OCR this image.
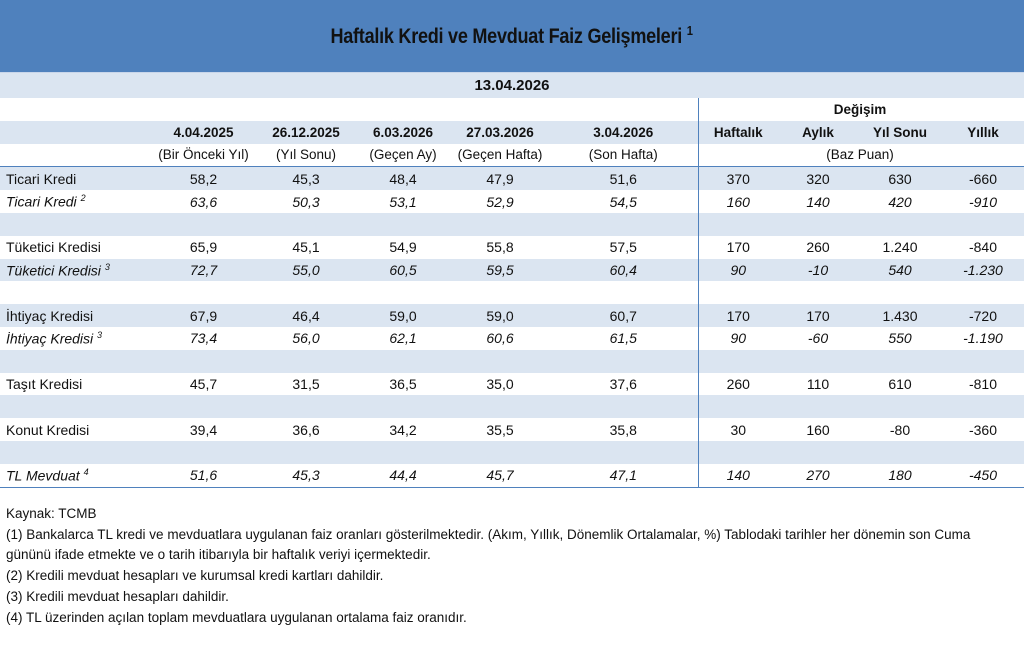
Haftalık Kredi ve Mevduat Faiz Gelişmeleri $^1$
13.04.2026
							Değişim		
	4.04.2025	26.12.2025	6.03.2026	27.03.2026	3.04.2026	Haftalık	Aylık	Yıl Sonu	Yıllık
	(Bir Önceki Yıl)	(Yıl Sonu)	(Geçen Ay)	(Geçen Hafta)	(Son Hafta)		(Baz Puan)		
Ticari Kredi	58,2	45,3	48,4	47,9	51,6	370	320	630	-660
Ticari Kredi $^2$	63,6	50,3	53,1	52,9	54,5	160	140	420	-910

Tüketici Kredisi	65,9	45,1	54,9	55,8	57,5	170	260	1.240	-840
Tüketici Kredisi $^3$	72,7	55,0	60,5	59,5	60,4	90	-10	540	-1.230

İhtiyaç Kredisi	67,9	46,4	59,0	59,0	60,7	170	170	1.430	-720
İhtiyaç Kredisi $^3$	73,4	56,0	62,1	60,6	61,5	90	-60	550	-1.190

Taşıt Kredisi	45,7	31,5	36,5	35,0	37,6	260	110	610	-810

Konut Kredisi	39,4	36,6	34,2	35,5	35,8	30	160	-80	-360

TL Mevduat $^4$	51,6	45,3	44,4	45,7	47,1	140	270	180	-450
Kaynak: TCMB
(1) Bankalarca TL kredi ve mevduatlara uygulanan faiz oranları gösterilmektedir. (Akım, Yıllık, Dönemlik Ortalamalar, %) Tablodaki tarihler her dönemin son Cuma gününü ifade etmekte ve o tarih itibarıyla bir haftalık veriyi içermektedir.
(2) Kredili mevduat hesapları ve kurumsal kredi kartları dahildir.
(3) Kredili mevduat hesapları dahildir.
(4) TL üzerinden açılan toplam mevduatlara uygulanan ortalama faiz oranıdır.
